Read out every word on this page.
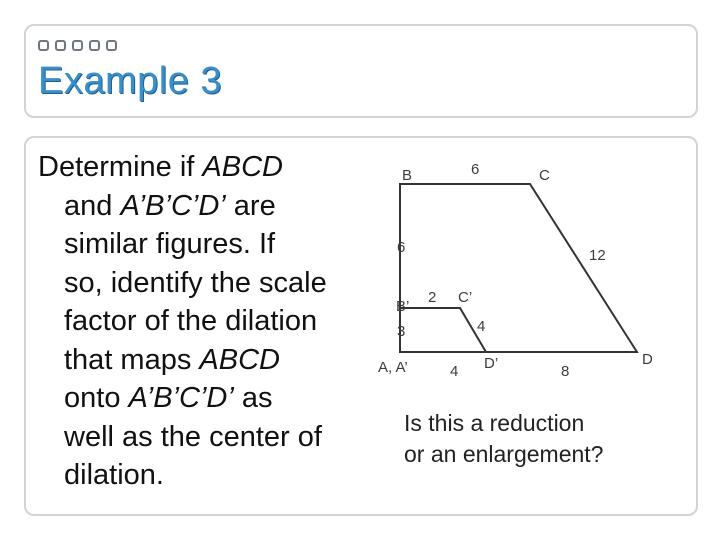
Example 3
Determine if ABCD
and A’B’C’D’ are
similar figures. If
so, identify the scale
factor of the dilation
that maps ABCD
onto A’B’C’D’ as
well as the center of
dilation.
B	C
D
A, A’
B’
C’
D’
6
6	12
2
3	4
4	8
Is this a reduction
or an enlargement?
